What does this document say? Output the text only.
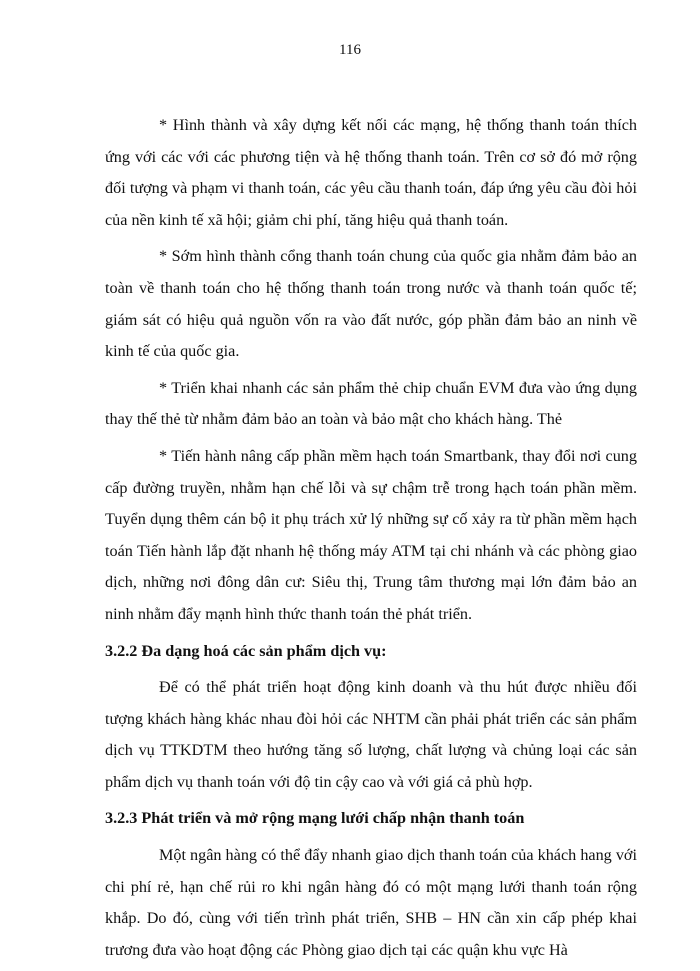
116

* Hình thành và xây dựng kết nối các mạng, hệ thống thanh toán thích ứng với các với các phương tiện và hệ thống thanh toán. Trên cơ sở đó mở rộng đối tượng và phạm vi thanh toán, các yêu cầu thanh toán, đáp ứng yêu cầu đòi hỏi của nền kinh tế xã hội; giảm chi phí, tăng hiệu quả thanh toán.

* Sớm hình thành cổng thanh toán chung của quốc gia nhằm đảm bảo an toàn về thanh toán cho hệ thống thanh toán trong nước và thanh toán quốc tế; giám sát có hiệu quả nguồn vốn ra vào đất nước, góp phần đảm bảo an ninh về kinh tế của quốc gia.

* Triển khai nhanh các sản phẩm thẻ chip chuẩn EVM đưa vào ứng dụng thay thế thẻ từ nhằm đảm bảo an toàn và bảo mật cho khách hàng. Thẻ

* Tiến hành nâng cấp phần mềm hạch toán Smartbank, thay đổi nơi cung cấp đường truyền, nhằm hạn chế lỗi và sự chậm trễ trong hạch toán phần mềm. Tuyển dụng thêm cán bộ it phụ trách xử lý những sự cố xảy ra từ phần mềm hạch toán Tiến hành lắp đặt nhanh hệ thống máy ATM tại chi nhánh và các phòng giao dịch, những nơi đông dân cư: Siêu thị, Trung tâm thương mại lớn đảm bảo an ninh nhằm đẩy mạnh hình thức thanh toán thẻ phát triển.

3.2.2 Đa dạng hoá các sản phẩm dịch vụ:

Để có thể phát triển hoạt động kinh doanh và thu hút được nhiều đối tượng khách hàng khác nhau đòi hỏi các NHTM cần phải phát triển các sản phẩm dịch vụ TTKDTM theo hướng tăng số lượng, chất lượng và chủng loại các sản phẩm dịch vụ thanh toán với độ tin cậy cao và với giá cả phù hợp.

3.2.3 Phát triển và mở rộng mạng lưới chấp nhận thanh toán

Một ngân hàng có thể đẩy nhanh giao dịch thanh toán của khách hang với chi phí rẻ, hạn chế rủi ro khi ngân hàng đó có một mạng lưới thanh toán rộng khắp. Do đó, cùng với tiến trình phát triển, SHB – HN cần xin cấp phép khai trương đưa vào hoạt động các Phòng giao dịch tại các quận khu vực Hà
